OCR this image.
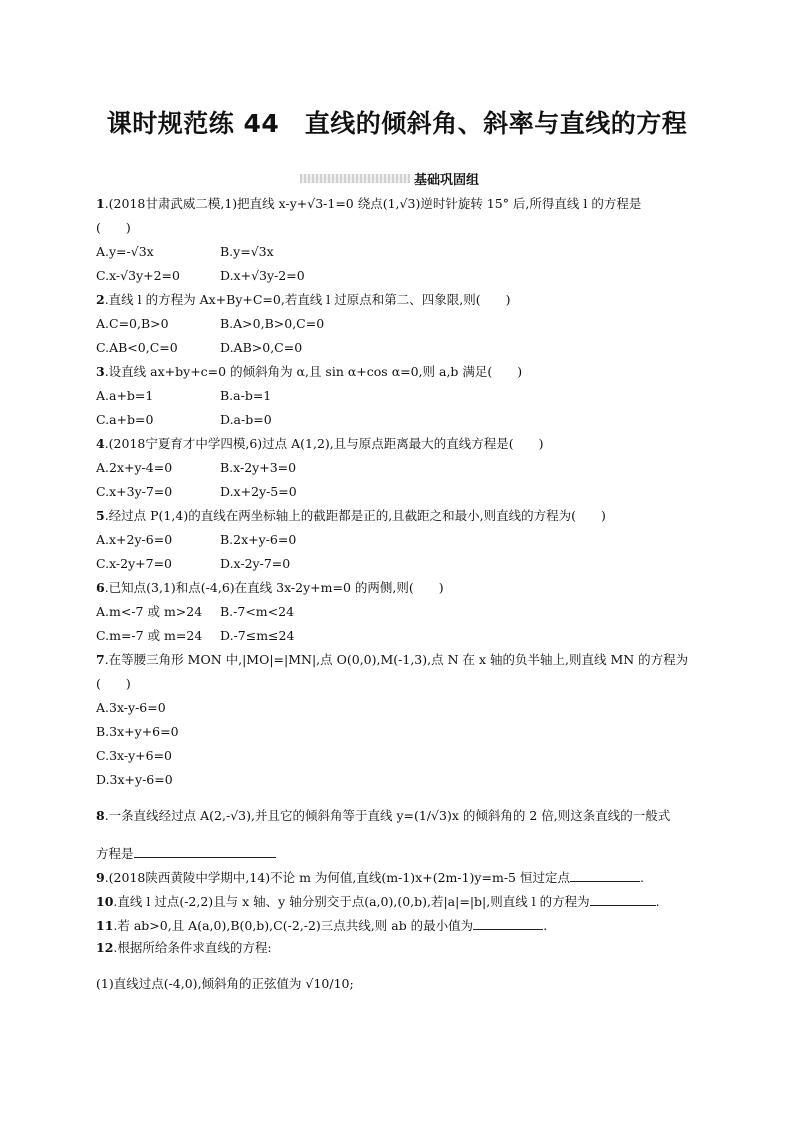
课时规范练 44　直线的倾斜角、斜率与直线的方程
基础巩固组
1.(2018甘肃武威二模,1)把直线 x-y+√3-1=0 绕点(1,√3)逆时针旋转 15° 后,所得直线 l 的方程是
(　　)
A.y=-√3x	B.y=√3x
C.x-√3y+2=0	D.x+√3y-2=0
2.直线 l 的方程为 Ax+By+C=0,若直线 l 过原点和第二、四象限,则(　　)
A.C=0,B>0	B.A>0,B>0,C=0
C.AB<0,C=0	D.AB>0,C=0
3.设直线 ax+by+c=0 的倾斜角为 α,且 sin α+cos α=0,则 a,b 满足(　　)
A.a+b=1	B.a-b=1
C.a+b=0	D.a-b=0
4.(2018宁夏育才中学四模,6)过点 A(1,2),且与原点距离最大的直线方程是(　　)
A.2x+y-4=0	B.x-2y+3=0
C.x+3y-7=0	D.x+2y-5=0
5.经过点 P(1,4)的直线在两坐标轴上的截距都是正的,且截距之和最小,则直线的方程为(　　)
A.x+2y-6=0	B.2x+y-6=0
C.x-2y+7=0	D.x-2y-7=0
6.已知点(3,1)和点(-4,6)在直线 3x-2y+m=0 的两侧,则(　　)
A.m<-7 或 m>24 B.-7<m<24
C.m=-7 或 m=24 D.-7≤m≤24
7.在等腰三角形 MON 中,|MO|=|MN|,点 O(0,0),M(-1,3),点 N 在 x 轴的负半轴上,则直线 MN 的方程为
(　　)
A.3x-y-6=0
B.3x+y+6=0
C.3x-y+6=0
D.3x+y-6=0
8.一条直线经过点 A(2,-√3),并且它的倾斜角等于直线 y=(1/√3)x 的倾斜角的 2 倍,则这条直线的一般式
方程是
9.(2018陕西黄陵中学期中,14)不论 m 为何值,直线(m-1)x+(2m-1)y=m-5 恒过定点	.
10.直线 l 过点(-2,2)且与 x 轴、y 轴分别交于点(a,0),(0,b),若|a|=|b|,则直线 l 的方程为	.
11.若 ab>0,且 A(a,0),B(0,b),C(-2,-2)三点共线,则 ab 的最小值为	.
12.根据所给条件求直线的方程:
(1)直线过点(-4,0),倾斜角的正弦值为 √10/10;
